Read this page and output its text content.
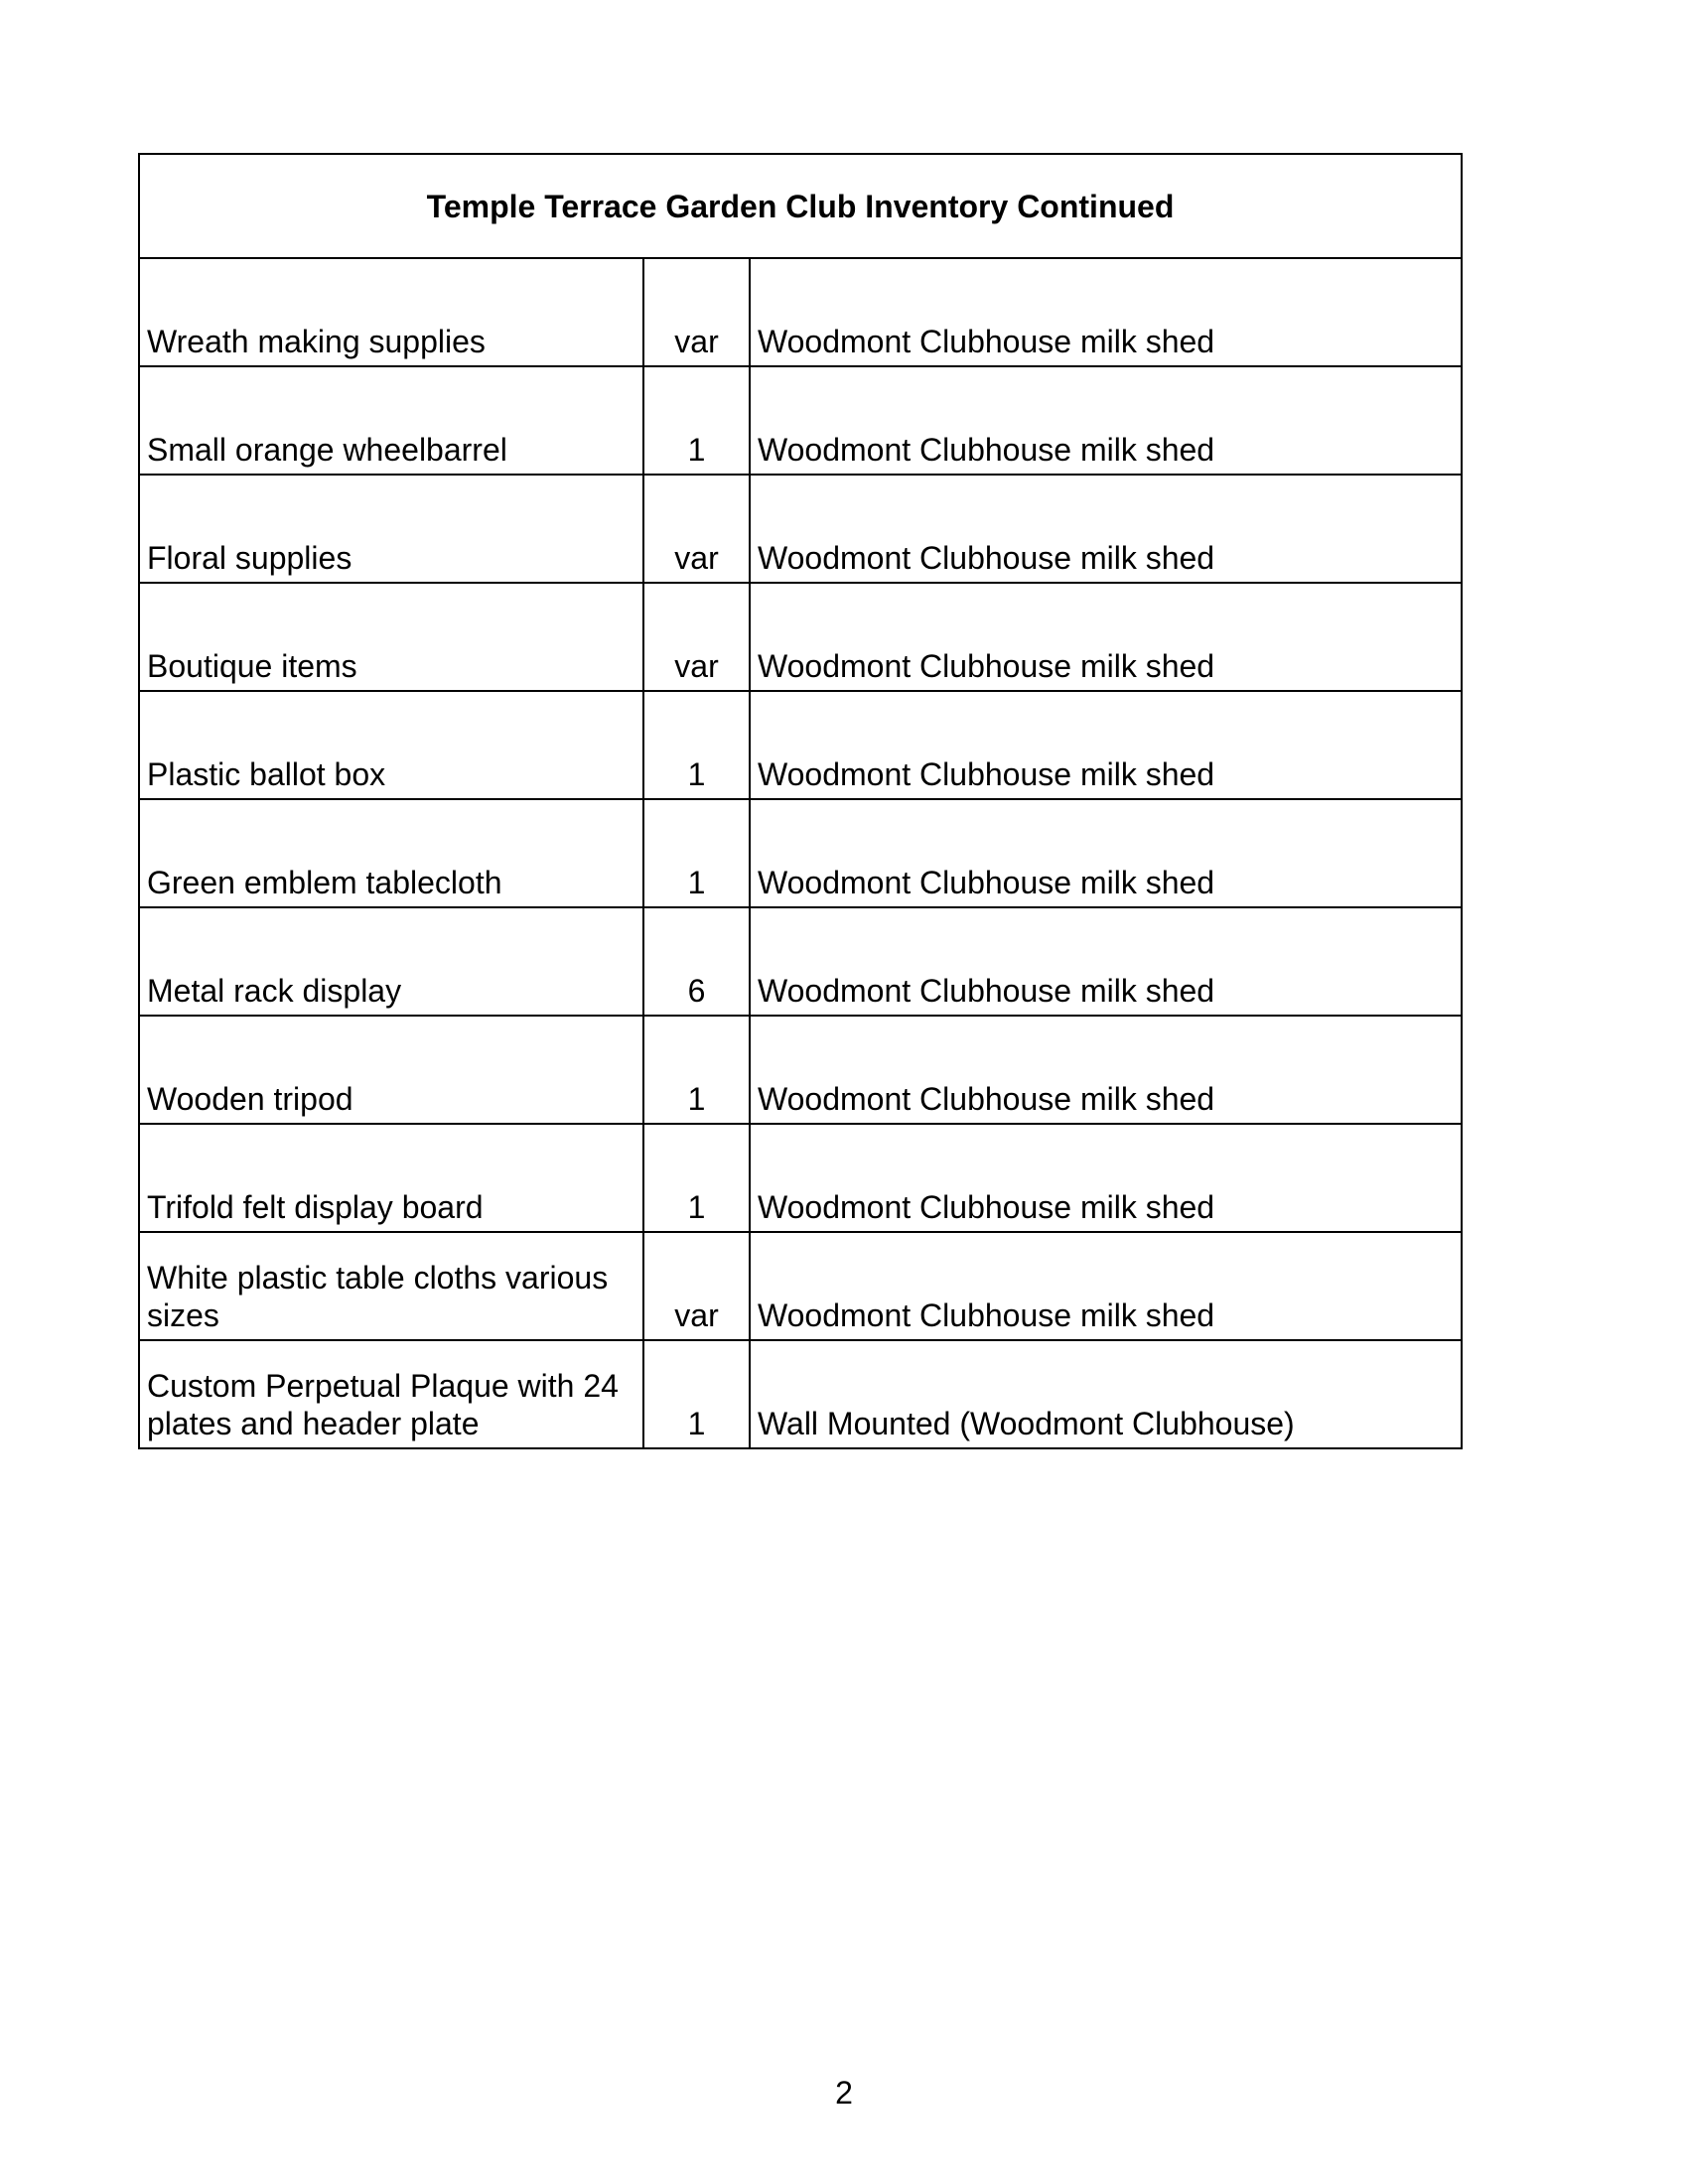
Temple Terrace Garden Club Inventory Continued		
Wreath making supplies	var	Woodmont Clubhouse milk shed
Small orange wheelbarrel	1	Woodmont Clubhouse milk shed
Floral supplies	var	Woodmont Clubhouse milk shed
Boutique items	var	Woodmont Clubhouse milk shed
Plastic ballot box	1	Woodmont Clubhouse milk shed
Green emblem tablecloth	1	Woodmont Clubhouse milk shed
Metal rack display	6	Woodmont Clubhouse milk shed
Wooden tripod	1	Woodmont Clubhouse milk shed
Trifold felt display board	1	Woodmont Clubhouse milk shed
White plastic table cloths various sizes	var	Woodmont Clubhouse milk shed
Custom Perpetual Plaque with 24 plates and header plate	1	Wall Mounted (Woodmont Clubhouse)
2
